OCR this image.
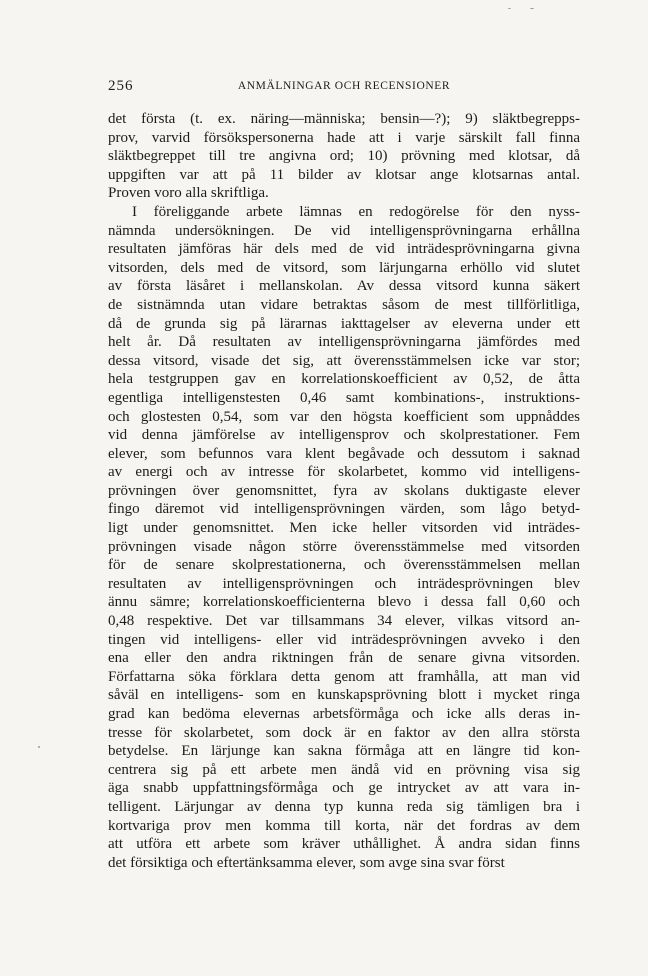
256	ANMÄLNINGAR OCH RECENSIONER
det första (t. ex. näring—människa; bensin—?); 9) släktbegrepps-
prov, varvid försökspersonerna hade att i varje särskilt fall finna
släktbegreppet till tre angivna ord; 10) prövning med klotsar, då
uppgiften var att på 11 bilder av klotsar ange klotsarnas antal.
Proven voro alla skriftliga.
I föreliggande arbete lämnas en redogörelse för den nyss-
nämnda undersökningen. De vid intelligensprövningarna erhållna
resultaten jämföras här dels med de vid inträdesprövningarna givna
vitsorden, dels med de vitsord, som lärjungarna erhöllo vid slutet
av första läsåret i mellanskolan. Av dessa vitsord kunna säkert
de sistnämnda utan vidare betraktas såsom de mest tillförlitliga,
då de grunda sig på lärarnas iakttagelser av eleverna under ett
helt år. Då resultaten av intelligensprövningarna jämfördes med
dessa vitsord, visade det sig, att överensstämmelsen icke var stor;
hela testgruppen gav en korrelationskoefficient av 0,52, de åtta
egentliga intelligenstesten 0,46 samt kombinations-, instruktions-
och glostesten 0,54, som var den högsta koefficient som uppnåddes
vid denna jämförelse av intelligensprov och skolprestationer. Fem
elever, som befunnos vara klent begåvade och dessutom i saknad
av energi och av intresse för skolarbetet, kommo vid intelligens-
prövningen över genomsnittet, fyra av skolans duktigaste elever
fingo däremot vid intelligensprövningen värden, som lågo betyd-
ligt under genomsnittet. Men icke heller vitsorden vid inträdes-
prövningen visade någon större överensstämmelse med vitsorden
för de senare skolprestationerna, och överensstämmelsen mellan
resultaten av intelligensprövningen och inträdesprövningen blev
ännu sämre; korrelationskoefficienterna blevo i dessa fall 0,60 och
0,48 respektive. Det var tillsammans 34 elever, vilkas vitsord an-
tingen vid intelligens- eller vid inträdesprövningen avveko i den
ena eller den andra riktningen från de senare givna vitsorden.
Författarna söka förklara detta genom att framhålla, att man vid
såväl en intelligens- som en kunskapsprövning blott i mycket ringa
grad kan bedöma elevernas arbetsförmåga och icke alls deras in-
tresse för skolarbetet, som dock är en faktor av den allra största
betydelse. En lärjunge kan sakna förmåga att en längre tid kon-
centrera sig på ett arbete men ändå vid en prövning visa sig
äga snabb uppfattningsförmåga och ge intrycket av att vara in-
telligent. Lärjungar av denna typ kunna reda sig tämligen bra i
kortvariga prov men komma till korta, när det fordras av dem
att utföra ett arbete som kräver uthållighet. Å andra sidan finns
det försiktiga och eftertänksamma elever, som avge sina svar först
